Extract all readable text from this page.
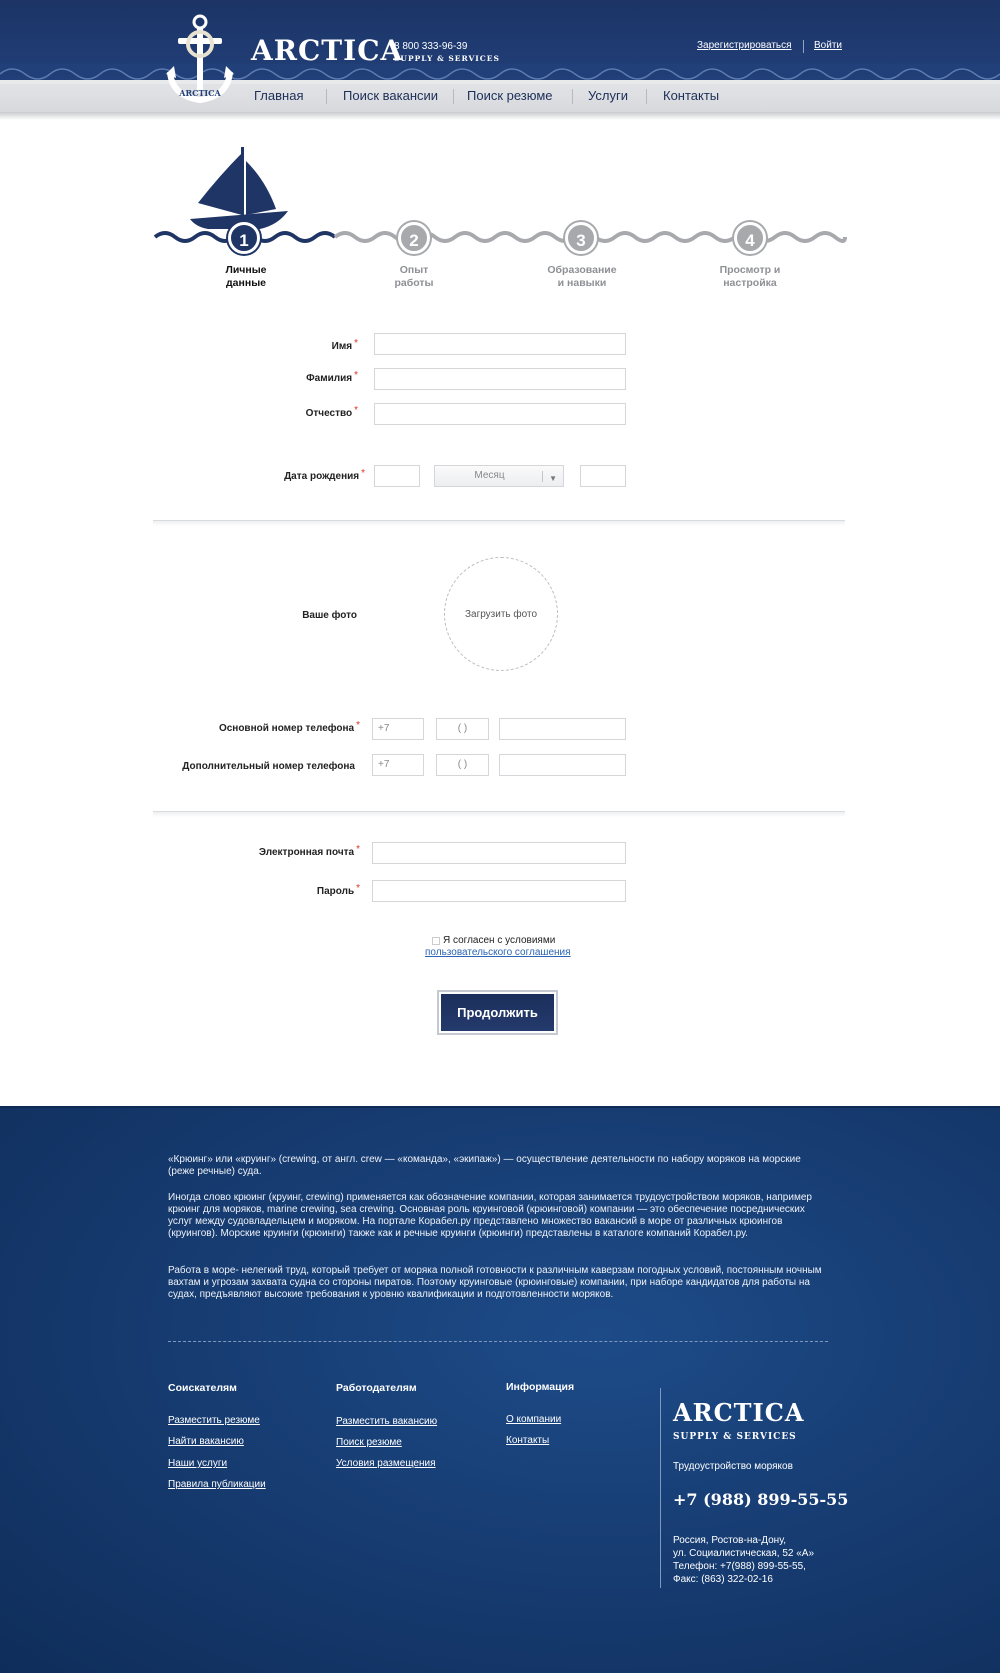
ARCTICA
ARCTICA
8 800 333-96-39
SUPPLY & SERVICES
Зарегистрироваться Войти
Главная	Поиск вакансии Поиск резюме	Услуги	Контакты
1	2	3	4
Личные
данные
Опыт
работы
Образование
и навыки
Просмотр и
настройка
Имя *
Фамилия *
Отчество *
Дата рождения *	Месяц	▼
Ваше фото	Загрузить фото
Основной номер телефона *	+7	( )
Дополнительный номер телефона	+7	( )
Электронная почта *
Пароль *
Я согласен с условиями
пользовательского соглашения
Продолжить

«Крюинг» или «круинг» (crewing, от англ. crew — «команда», «экипаж») — осуществление деятельности по набору моряков на морские (реже речные) суда.

Иногда слово крюинг (круинг, crewing) применяется как обозначение компании, которая занимается трудоустройством моряков, например крюинг для моряков, marine crewing, sea crewing. Основная роль круинговой (крюинговой) компании — это обеспечение посреднических услуг между судовладельцем и моряком. На портале Корабел.ру представлено множество вакансий в море от различных крюингов (круингов). Морские круинги (крюинги) также как и речные круинги (крюинги) представлены в каталоге компаний Корабел.ру.

Работа в море- нелегкий труд, который требует от моряка полной готовности к различным каверзам погодных условий, постоянным ночным вахтам и угрозам захвата судна со стороны пиратов. Поэтому круинговые (крюинговые) компании, при наборе кандидатов для работы на судах, предъявляют высокие требования к уровню квалификации и подготовленности моряков.

Соискателям
Разместить резюме
Найти вакансию
Наши услуги
Правила публикации
Работодателям
Разместить вакансию
Поиск резюме
Условия размещения
Информация
О компании
Контакты
ARCTICA
SUPPLY & SERVICES
Трудоустройство моряков
+7 (988) 899-55-55
Россия, Ростов-на-Дону,
ул. Социалистическая, 52 «А»
Телефон: +7(988) 899-55-55,
Факс: (863) 322-02-16
